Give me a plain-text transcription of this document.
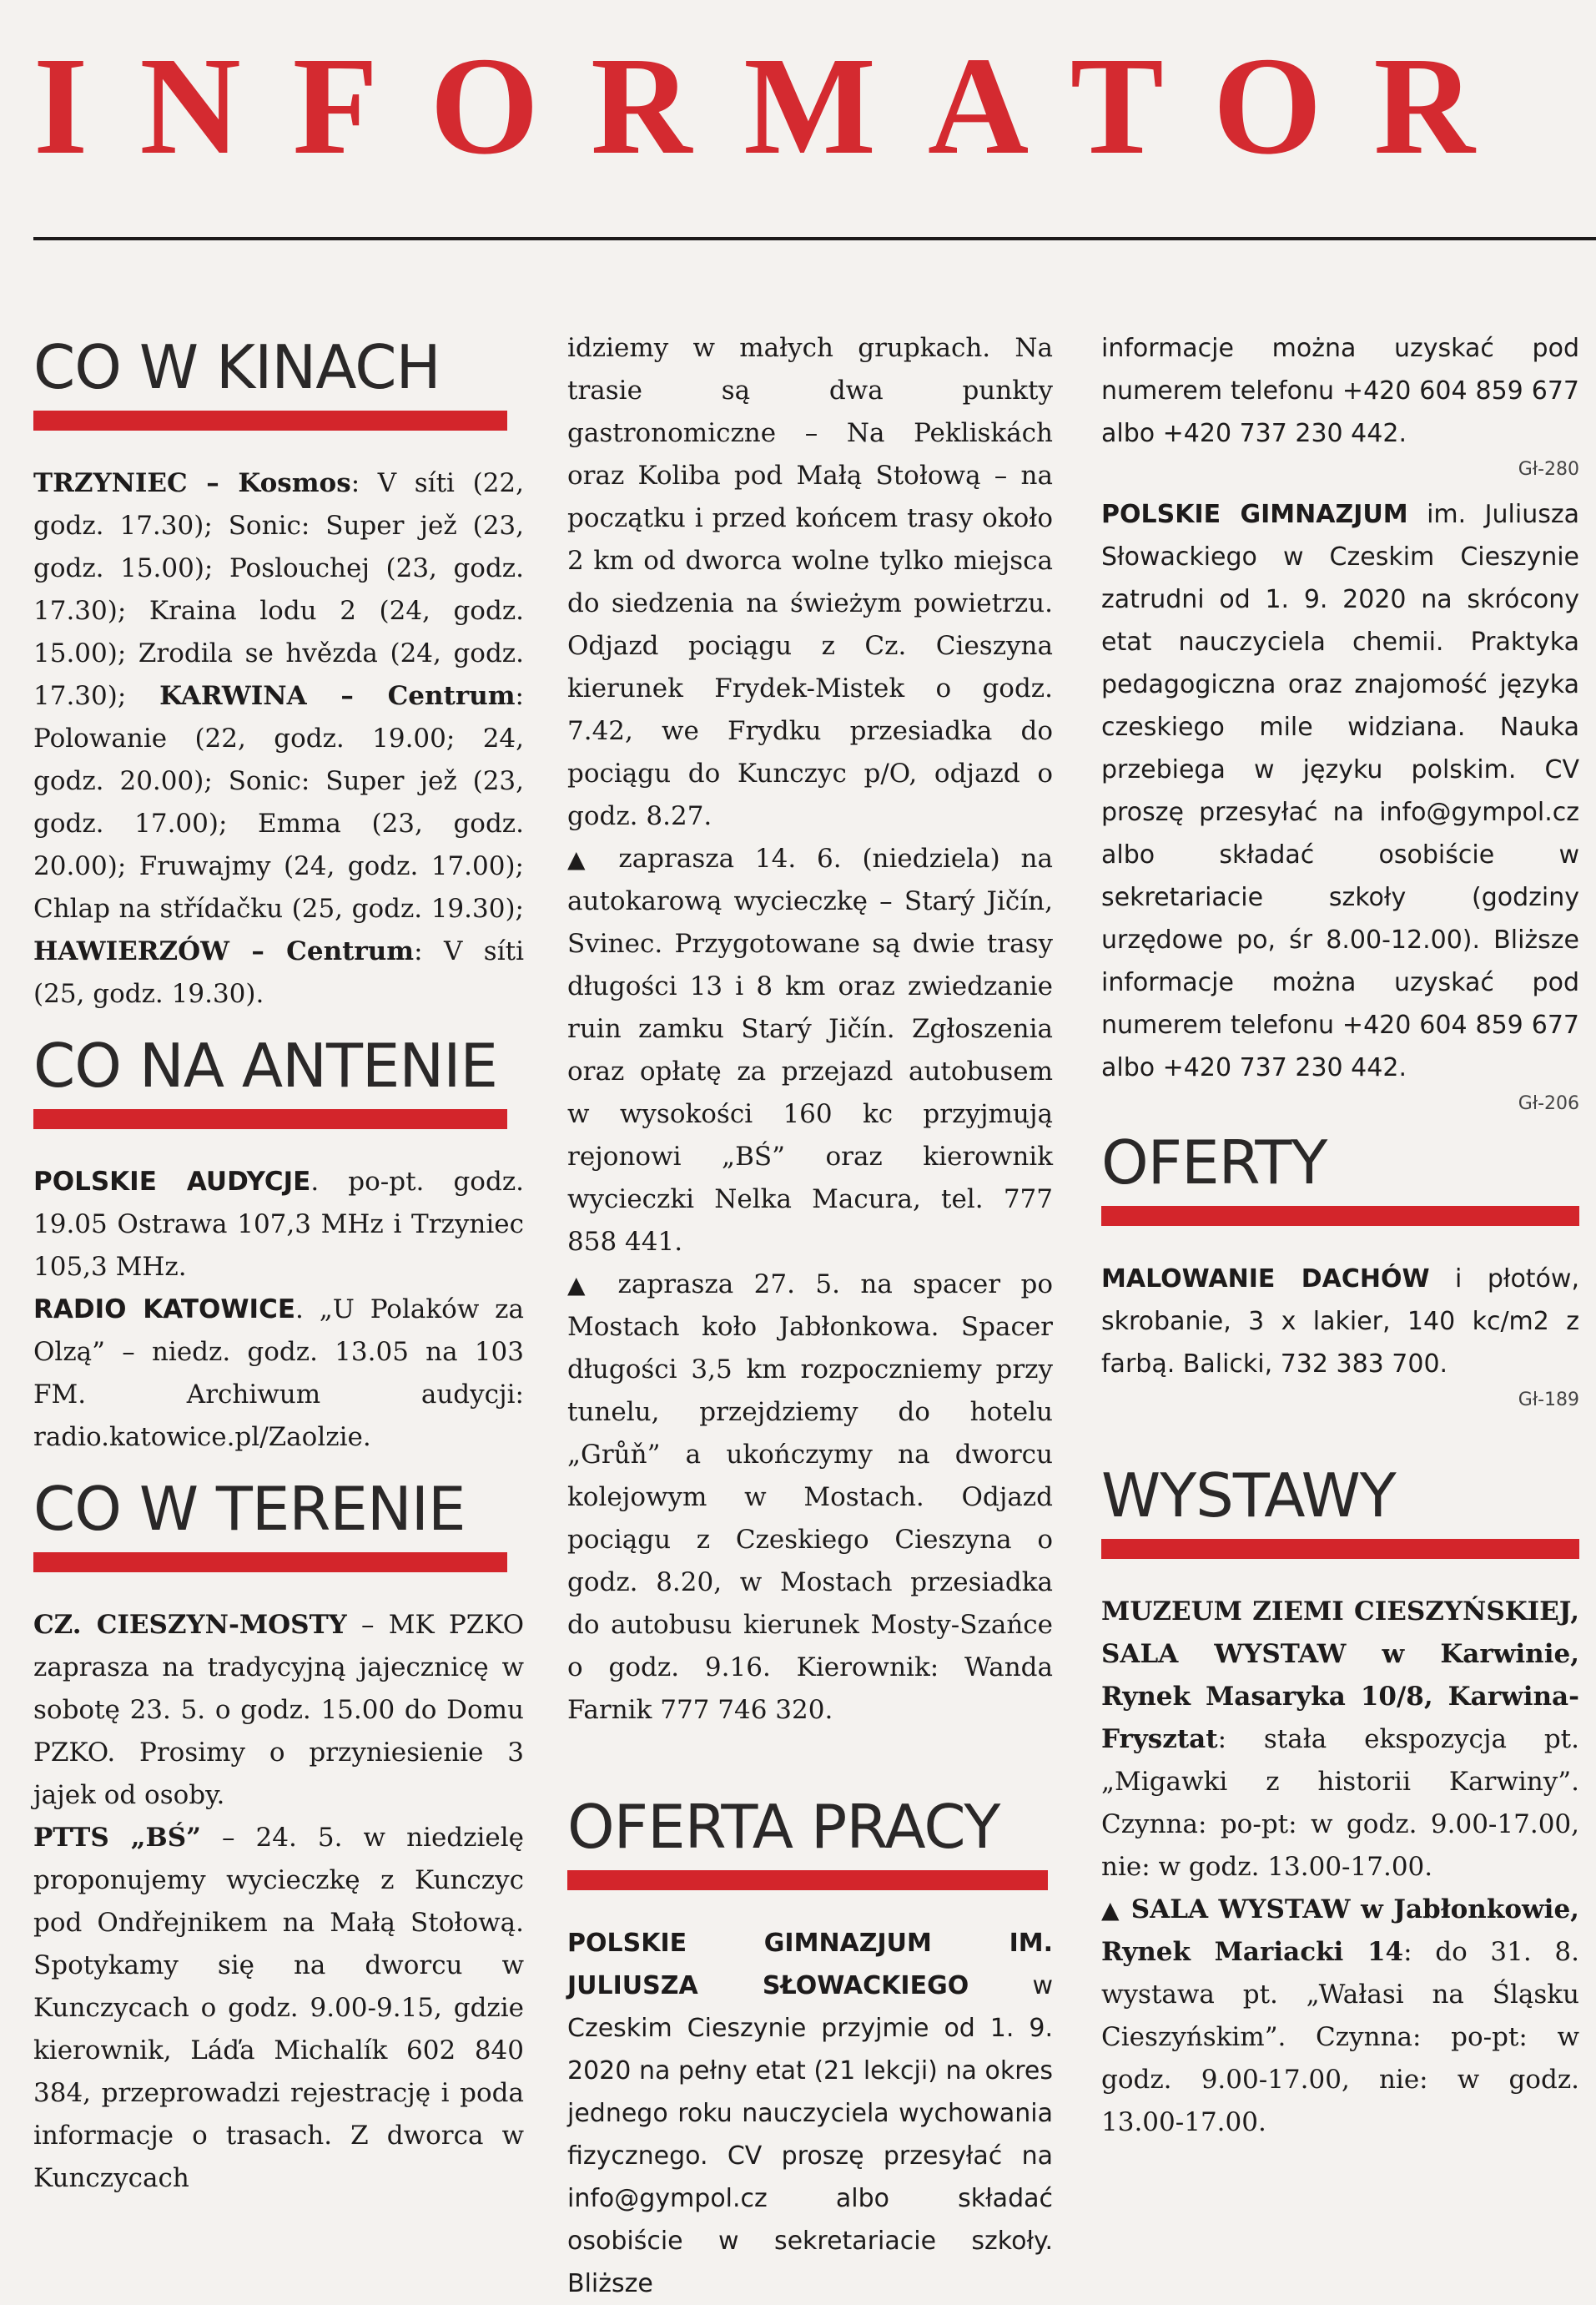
INFORMATOR
CO W KINACH

TRZYNIEC – Kosmos: V síti (22, godz. 17.30); Sonic: Super jež (23, godz. 15.00); Poslouchej (23, godz. 17.30); Kraina lodu 2 (24, godz. 15.00); Zrodila se hvězda (24, godz. 17.30); KARWINA – Centrum: Polowanie (22, godz. 19.00; 24, godz. 20.00); Sonic: Super jež (23, godz. 17.00); Emma (23, godz. 20.00); Fruwajmy (24, godz. 17.00); Chlap na střídačku (25, godz. 19.30); HAWIERZÓW – Centrum: V síti (25, godz. 19.30).

CO NA ANTENIE

POLSKIE AUDYCJE. po-pt. godz. 19.05 Ostrawa 107,3 MHz i Trzyniec 105,3 MHz.

RADIO KATOWICE. „U Polaków za Olzą” – niedz. godz. 13.05 na 103 FM. Archiwum audycji: radio.katowice.pl/Zaolzie.

CO W TERENIE

CZ. CIESZYN-MOSTY – MK PZKO zaprasza na tradycyjną jajecznicę w sobotę 23. 5. o godz. 15.00 do Domu PZKO. Prosimy o przyniesienie 3 jajek od osoby.

PTTS „BŚ” – 24. 5. w niedzielę proponujemy wycieczkę z Kunczyc pod Ondřejnikem na Małą Stołową. Spotykamy się na dworcu w Kunczycach o godz. 9.00-9.15, gdzie kierownik, Láďa Michalík 602 840 384, przeprowadzi rejestrację i poda informacje o trasach. Z dworca w Kunczycach

idziemy w małych grupkach. Na trasie są dwa punkty gastronomiczne – Na Pekliskách oraz Koliba pod Małą Stołową – na początku i przed końcem trasy około 2 km od dworca wolne tylko miejsca do siedzenia na świeżym powietrzu. Odjazd pociągu z Cz. Cieszyna kierunek Frydek-Mistek o godz. 7.42, we Frydku przesiadka do pociągu do Kunczyc p/O, odjazd o godz. 8.27.

▲ zaprasza 14. 6. (niedziela) na autokarową wycieczkę – Starý Jičín, Svinec. Przygotowane są dwie trasy długości 13 i 8 km oraz zwiedzanie ruin zamku Starý Jičín. Zgłoszenia oraz opłatę za przejazd autobusem w wysokości 160 kc przyjmują rejonowi „BŚ” oraz kierownik wycieczki Nelka Macura, tel. 777 858 441.

▲ zaprasza 27. 5. na spacer po Mostach koło Jabłonkowa. Spacer długości 3,5 km rozpoczniemy przy tunelu, przejdziemy do hotelu „Grůň” a ukończymy na dworcu kolejowym w Mostach. Odjazd pociągu z Czeskiego Cieszyna o godz. 8.20, w Mostach przesiadka do autobusu kierunek Mosty-Szańce o godz. 9.16. Kierownik: Wanda Farnik 777 746 320.

OFERTA PRACY

POLSKIE GIMNAZJUM IM. JULIUSZA SŁOWACKIEGO w Czeskim Cieszynie przyjmie od 1. 9. 2020 na pełny etat (21 lekcji) na okres jednego roku nauczyciela wychowania fizycznego. CV proszę przesyłać na info@gympol.cz albo składać osobiście w sekretariacie szkoły. Bliższe

informacje można uzyskać pod numerem telefonu +420 604 859 677 albo +420 737 230 442.

Gł-280

POLSKIE GIMNAZJUM im. Juliusza Słowackiego w Czeskim Cieszynie zatrudni od 1. 9. 2020 na skrócony etat nauczyciela chemii. Praktyka pedagogiczna oraz znajomość języka czeskiego mile widziana. Nauka przebiega w języku polskim. CV proszę przesyłać na info@gympol.cz albo składać osobiście w sekretariacie szkoły (godziny urzędowe po, śr 8.00-12.00). Bliższe informacje można uzyskać pod numerem telefonu +420 604 859 677 albo +420 737 230 442.

Gł-206
OFERTY

MALOWANIE DACHÓW i płotów, skrobanie, 3 x lakier, 140 kc/m2 z farbą. Balicki, 732 383 700.

Gł-189
WYSTAWY

MUZEUM ZIEMI CIESZYŃSKIEJ, SALA WYSTAW w Karwinie, Rynek Masaryka 10/8, Karwina-Frysztat: stała ekspozycja pt. „Migawki z historii Karwiny”. Czynna: po-pt: w godz. 9.00-17.00, nie: w godz. 13.00-17.00.

▲ SALA WYSTAW w Jabłonkowie, Rynek Mariacki 14: do 31. 8. wystawa pt. „Wałasi na Śląsku Cieszyńskim”. Czynna: po-pt: w godz. 9.00-17.00, nie: w godz. 13.00-17.00.
